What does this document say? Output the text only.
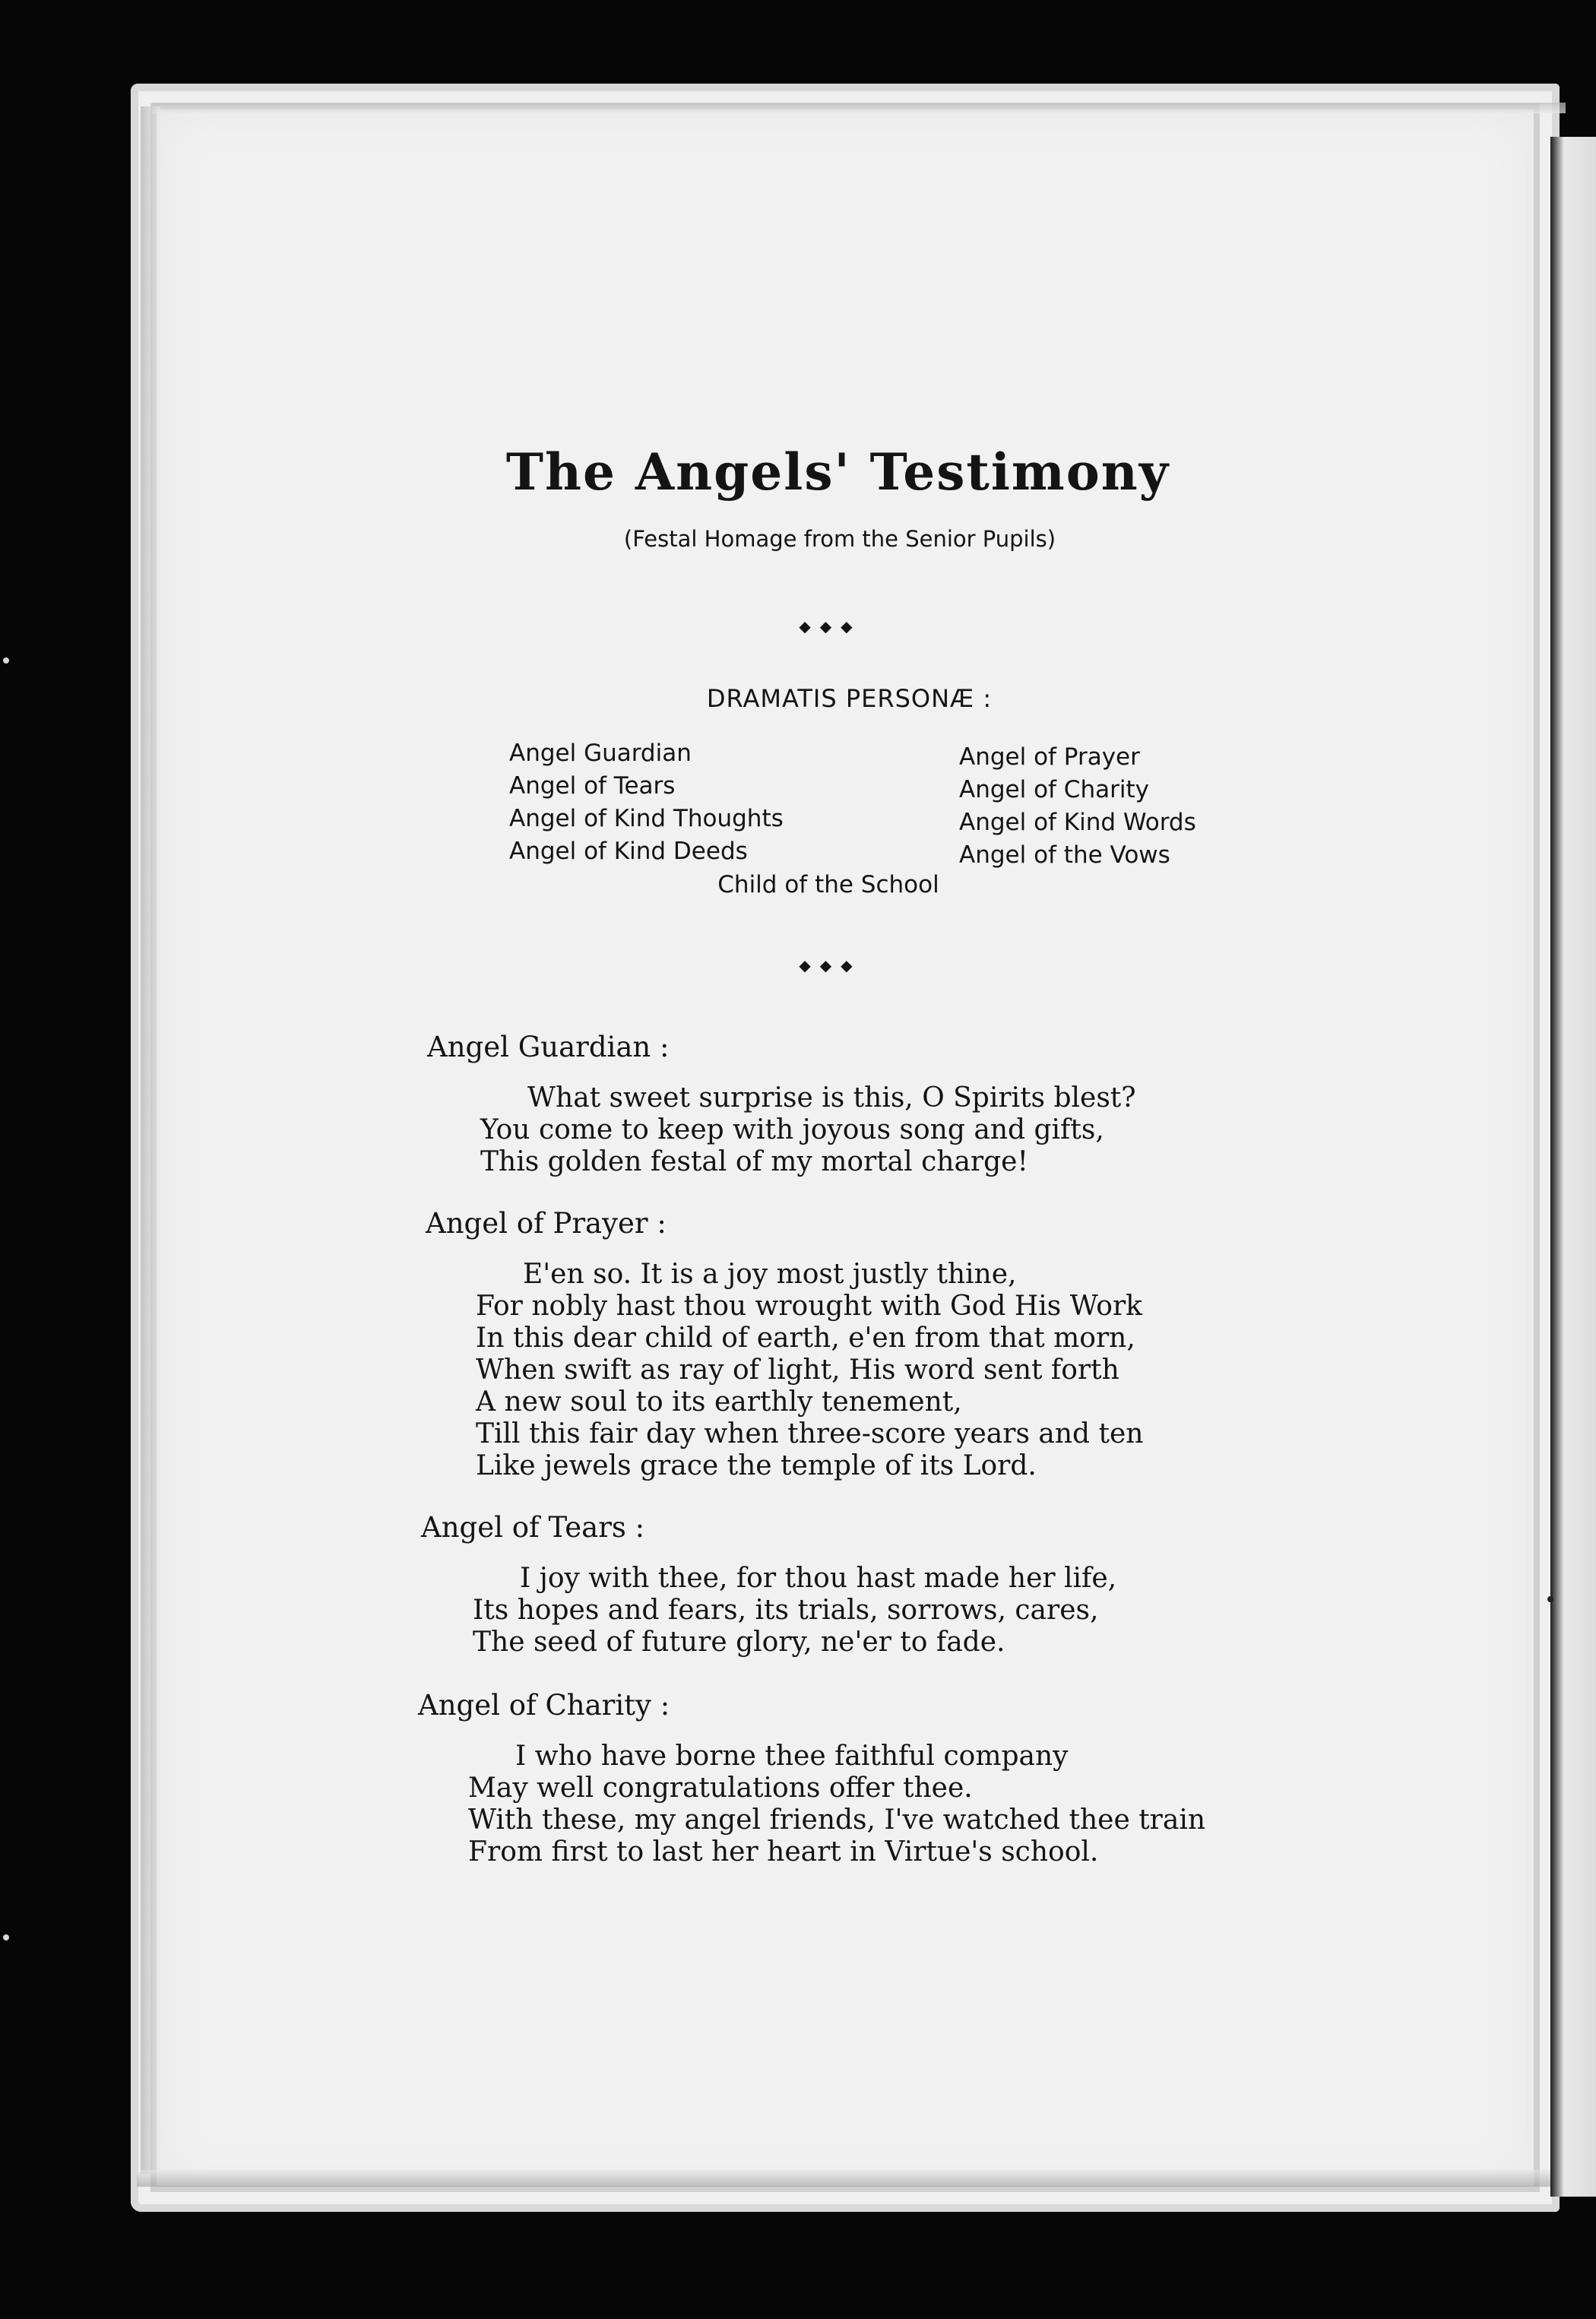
The Angels' Testimony
(Festal Homage from the Senior Pupils)
◆◆◆
DRAMATIS PERSONÆ :
Angel Guardian
Angel of Tears
Angel of Kind Thoughts
Angel of Kind Deeds
Angel of Prayer
Angel of Charity
Angel of Kind Words
Angel of the Vows
Child of the School
◆◆◆
Angel Guardian :
What sweet surprise is this, O Spirits blest?
You come to keep with joyous song and gifts,
This golden festal of my mortal charge!
Angel of Prayer :
E'en so. It is a joy most justly thine,
For nobly hast thou wrought with God His Work
In this dear child of earth, e'en from that morn,
When swift as ray of light, His word sent forth
A new soul to its earthly tenement,
Till this fair day when three-score years and ten
Like jewels grace the temple of its Lord.
Angel of Tears :
I joy with thee, for thou hast made her life,
Its hopes and fears, its trials, sorrows, cares,
The seed of future glory, ne'er to fade.
Angel of Charity :
I who have borne thee faithful company
May well congratulations offer thee.
With these, my angel friends, I've watched thee train
From first to last her heart in Virtue's school.
